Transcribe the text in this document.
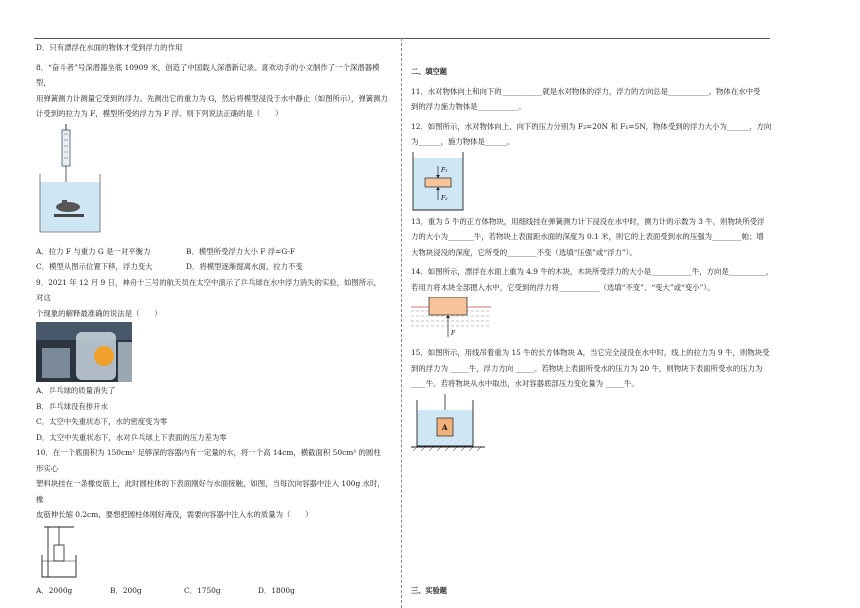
D．只有漂浮在水面的物体才受到浮力的作用

8．“奋斗者”号深潜器坐底 10909 米，创造了中国载人深潜新记录。喜欢动手的小文制作了一个深潜器模型，

用弹簧测力计测量它受到的浮力。先测出它的重力为 G，然后将模型浸没于水中静止（如图所示），弹簧测力

计受到的拉力为 F，模型所受的浮力为 F 浮。则下列说法正确的是（　　）

A．拉力 F 与重力 G 是一对平衡力	B．模型所受浮力大小 F 浮=G-F
C．模型从图示位置下移，浮力变大	D．将模型逐渐提离水面，拉力不变

9．2021 年 12 月 9 日，神舟十三号的航天员在太空中演示了乒乓球在水中浮力消失的实验，如图所示，对这

个现象的解释最准确的说法是（　　）

A．乒乓球的质量消失了

B．乒乓球没有排开水

C．太空中失重状态下，水的密度变为零

D．太空中失重状态下，水对乒乓球上下表面的压力差为零

10．在一个底面积为 150cm² 足够深的容器内有一定量的水，将一个高 14cm，横截面积 50cm² 的圆柱形实心

塑料块挂在一条橡皮筋上，此时圆柱体的下表面刚好与水面接触，如图，当每次向容器中注入 100g 水时，橡

皮筋伸长缩 0.2cm，要想把圆柱体刚好淹没，需要向容器中注入水的质量为（　　）

A．2000g	B．200g	C．1750g	D．1800g

二、填空题

11．水对物体向上和向下的___________就是水对物体的浮力，浮力的方向总是___________。物体在水中受

到的浮力施力物体是___________。

12．如图所示，水对物体向上、向下的压力分别为 F₂=20N 和 F₁=5N，物体受到的浮力大小为______，方向

为______，施力物体是______。

F₁
F₂

13．重为 5 牛的正方体物块，用细线挂在弹簧测力计下浸没在水中时，测力计的示数为 3 牛，则物块所受浮

力的大小为_______牛，若物块上表面距水面的深度为 0.1 米，则它的上表面受到水的压强为________帕；增

大物块浸没的深度，它所受的________不变（选填“压强”或“浮力”）。

14．如图所示，漂浮在水面上重为 4.9 牛的木块，木块所受浮力的大小是___________牛，方向是__________，

若用力将木块全部摁入水中，它受到的浮力将___________（选填“不变”、“变大”或“变小”）。

F

15．如图所示，用线吊着重为 15 牛的长方体物块 A，当它完全浸没在水中时，线上的拉力为 9 牛，则物块受

到的浮力为 _____牛，浮力方向 _____。若物块上表面所受水的压力为 20 牛，则物块下表面所受水的压力为

____牛。若将物块从水中取出，水对容器底部压力变化量为 _____牛。

A
三、实验题
